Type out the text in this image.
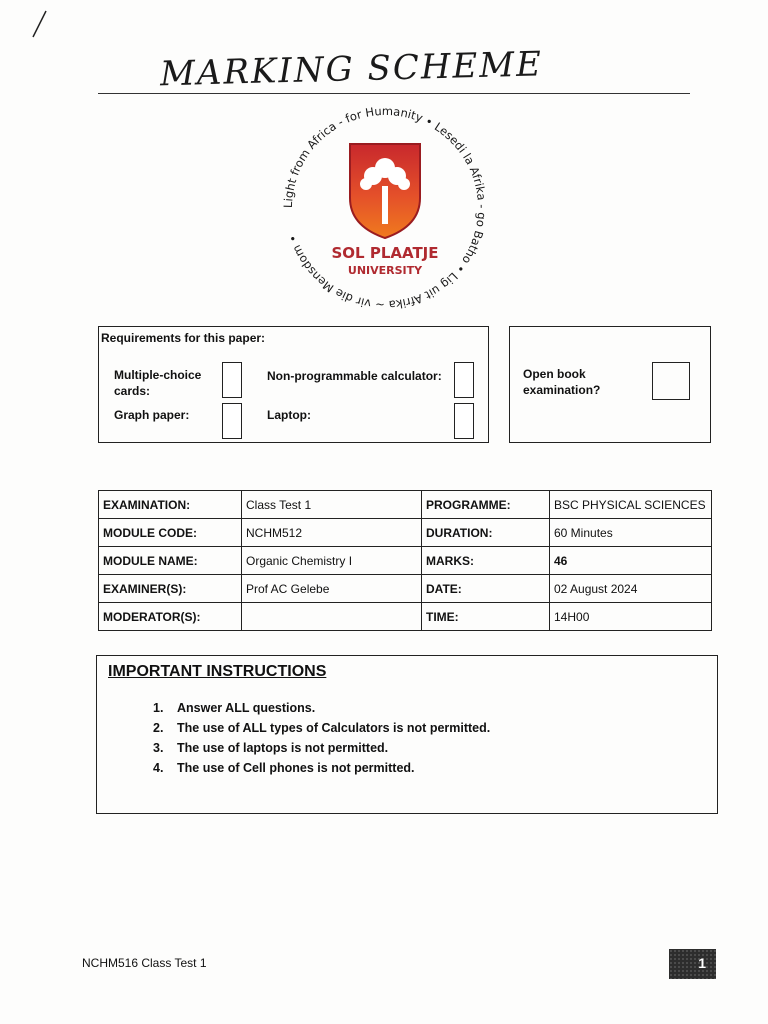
MARKING SCHEME
Light from Africa - for Humanity • Lesedi la Afrika - go Batho • Lig uit Afrika ~ vir die Mensdom •
SOL PLAATJE
UNIVERSITY
Requirements for this paper:
Multiple-choice
cards:
Graph paper:
Non-programmable calculator:
Laptop:
Open book
examination?
EXAMINATION:	Class Test 1	PROGRAMME:	BSC PHYSICAL SCIENCES
MODULE CODE:	NCHM512	DURATION:	60 Minutes
MODULE NAME:	Organic Chemistry I	MARKS:	46
EXAMINER(S):	Prof AC Gelebe	DATE:	02 August 2024
MODERATOR(S):		TIME:	14H00
IMPORTANT INSTRUCTIONS
1. Answer ALL questions.
2. The use of ALL types of Calculators is not permitted.
3. The use of laptops is not permitted.
4. The use of Cell phones is not permitted.
NCHM516 Class Test 1	1
